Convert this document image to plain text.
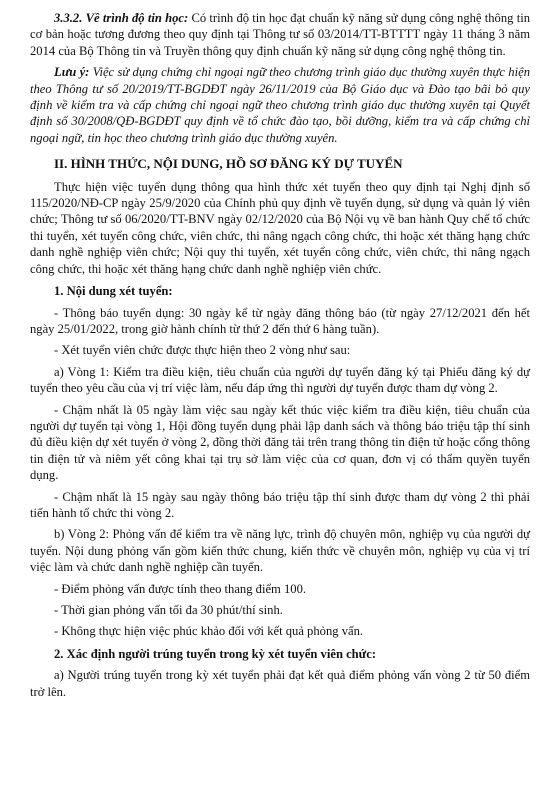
3.3.2. Về trình độ tin học: Có trình độ tin học đạt chuẩn kỹ năng sử dụng công nghệ thông tin cơ bản hoặc tương đương theo quy định tại Thông tư số 03/2014/TT-BTTTT ngày 11 tháng 3 năm 2014 của Bộ Thông tin và Truyền thông quy định chuẩn kỹ năng sử dụng công nghệ thông tin.

Lưu ý: Việc sử dụng chứng chỉ ngoại ngữ theo chương trình giáo dục thường xuyên thực hiện theo Thông tư số 20/2019/TT-BGDĐT ngày 26/11/2019 của Bộ Giáo dục và Đào tạo bãi bỏ quy định về kiểm tra và cấp chứng chỉ ngoại ngữ theo chương trình giáo dục thường xuyên tại Quyết định số 30/2008/QĐ-BGDĐT quy định về tổ chức đào tạo, bồi dưỡng, kiểm tra và cấp chứng chỉ ngoại ngữ, tin học theo chương trình giáo dục thường xuyên.

II. HÌNH THỨC, NỘI DUNG, HỒ SƠ ĐĂNG KÝ DỰ TUYỂN

Thực hiện việc tuyển dụng thông qua hình thức xét tuyển theo quy định tại Nghị định số 115/2020/NĐ-CP ngày 25/9/2020 của Chính phủ quy định về tuyển dụng, sử dụng và quản lý viên chức; Thông tư số 06/2020/TT-BNV ngày 02/12/2020 của Bộ Nội vụ về ban hành Quy chế tổ chức thi tuyển, xét tuyển công chức, viên chức, thi nâng ngạch công chức, thi hoặc xét thăng hạng chức danh nghề nghiệp viên chức; Nội quy thi tuyển, xét tuyển công chức, viên chức, thi nâng ngạch công chức, thi hoặc xét thăng hạng chức danh nghề nghiệp viên chức.

1. Nội dung xét tuyển:

- Thông báo tuyển dụng: 30 ngày kể từ ngày đăng thông báo (từ ngày 27/12/2021 đến hết ngày 25/01/2022, trong giờ hành chính từ thứ 2 đến thứ 6 hàng tuần).

- Xét tuyển viên chức được thực hiện theo 2 vòng như sau:

a) Vòng 1: Kiểm tra điều kiện, tiêu chuẩn của người dự tuyển đăng ký tại Phiếu đăng ký dự tuyển theo yêu cầu của vị trí việc làm, nếu đáp ứng thì người dự tuyển được tham dự vòng 2.

- Chậm nhất là 05 ngày làm việc sau ngày kết thúc việc kiểm tra điều kiện, tiêu chuẩn của người dự tuyển tại vòng 1, Hội đồng tuyển dụng phải lập danh sách và thông báo triệu tập thí sinh đủ điều kiện dự xét tuyển ở vòng 2, đồng thời đăng tải trên trang thông tin điện tử hoặc cổng thông tin điện tử và niêm yết công khai tại trụ sở làm việc của cơ quan, đơn vị có thẩm quyền tuyển dụng.

- Chậm nhất là 15 ngày sau ngày thông báo triệu tập thí sinh được tham dự vòng 2 thì phải tiến hành tổ chức thi vòng 2.

b) Vòng 2: Phỏng vấn để kiểm tra về năng lực, trình độ chuyên môn, nghiệp vụ của người dự tuyển. Nội dung phỏng vấn gồm kiến thức chung, kiến thức về chuyên môn, nghiệp vụ của vị trí việc làm và chức danh nghề nghiệp cần tuyển.

- Điểm phỏng vấn được tính theo thang điểm 100.

- Thời gian phỏng vấn tối đa 30 phút/thí sinh.

- Không thực hiện việc phúc khảo đối với kết quả phỏng vấn.

2. Xác định người trúng tuyển trong kỳ xét tuyển viên chức:

a) Người trúng tuyển trong kỳ xét tuyển phải đạt kết quả điểm phỏng vấn vòng 2 từ 50 điểm trở lên.
